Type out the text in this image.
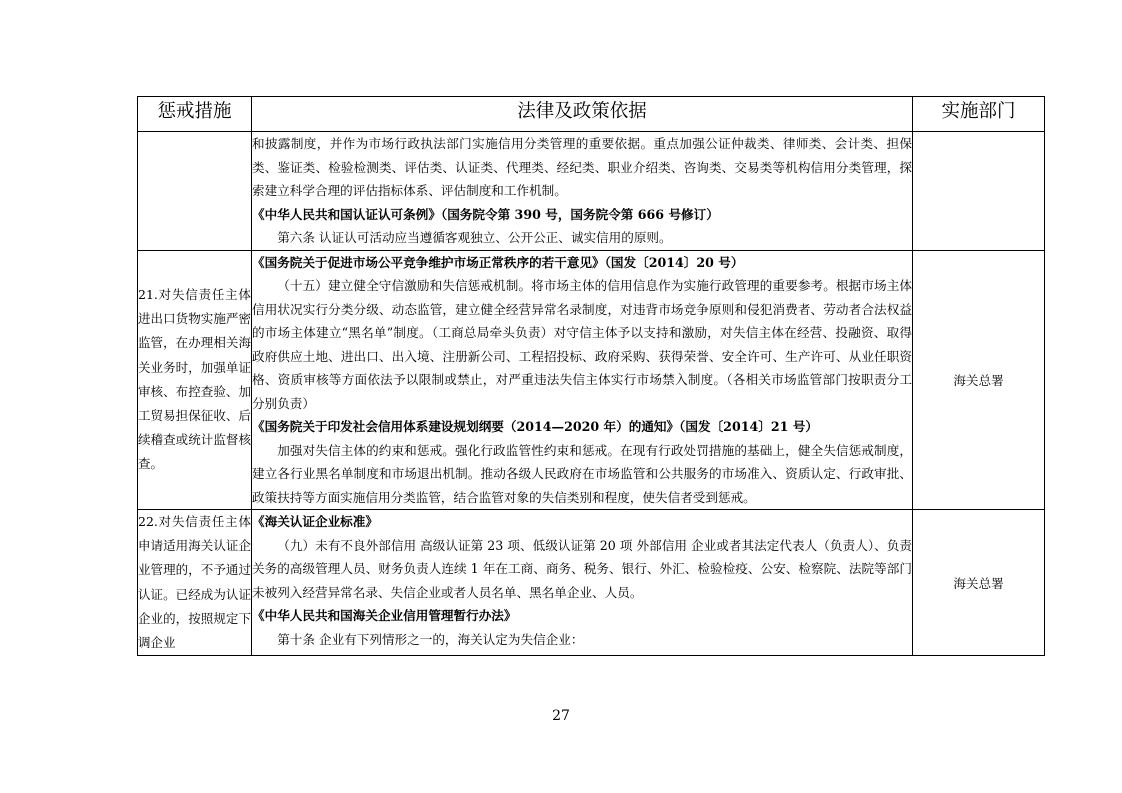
惩戒措施	法律及政策依据	实施部门

	和披露制度，并作为市场行政执法部门实施信用分类管理的重要依据。重点加强公证仲裁类、律师类、会计类、担保类、鉴证类、检验检测类、评估类、认证类、代理类、经纪类、职业介绍类、咨询类、交易类等机构信用分类管理，探索建立科学合理的评估指标体系、评估制度和工作机制。

《中华人民共和国认证认可条例》（国务院令第 390 号，国务院令第 666 号修订）

第六条 认证认可活动应当遵循客观独立、公开公正、诚实信用的原则。	

21.对失信责任主体进出口货物实施严密监管，在办理相关海关业务时，加强单证审核、布控查验、加工贸易担保征收、后续稽查或统计监督核查。	《国务院关于促进市场公平竞争维护市场正常秩序的若干意见》（国发〔2014〕20 号）

（十五）建立健全守信激励和失信惩戒机制。将市场主体的信用信息作为实施行政管理的重要参考。根据市场主体信用状况实行分类分级、动态监管，建立健全经营异常名录制度，对违背市场竞争原则和侵犯消费者、劳动者合法权益的市场主体建立“黑名单”制度。（工商总局牵头负责）对守信主体予以支持和激励，对失信主体在经营、投融资、取得政府供应土地、进出口、出入境、注册新公司、工程招投标、政府采购、获得荣誉、安全许可、生产许可、从业任职资格、资质审核等方面依法予以限制或禁止，对严重违法失信主体实行市场禁入制度。（各相关市场监管部门按职责分工分别负责）

《国务院关于印发社会信用体系建设规划纲要（2014—2020 年）的通知》（国发〔2014〕21 号）

加强对失信主体的约束和惩戒。强化行政监管性约束和惩戒。在现有行政处罚措施的基础上，健全失信惩戒制度，建立各行业黑名单制度和市场退出机制。推动各级人民政府在市场监管和公共服务的市场准入、资质认定、行政审批、政策扶持等方面实施信用分类监管，结合监管对象的失信类别和程度，使失信者受到惩戒。	海关总署

22.对失信责任主体申请适用海关认证企业管理的，不予通过认证。已经成为认证企业的，按照规定下调企业	《海关认证企业标准》

（九）未有不良外部信用 高级认证第 23 项、低级认证第 20 项 外部信用 企业或者其法定代表人（负责人）、负责关务的高级管理人员、财务负责人连续 1 年在工商、商务、税务、银行、外汇、检验检疫、公安、检察院、法院等部门未被列入经营异常名录、失信企业或者人员名单、黑名单企业、人员。

《中华人民共和国海关企业信用管理暂行办法》

第十条 企业有下列情形之一的，海关认定为失信企业：	海关总署
27
